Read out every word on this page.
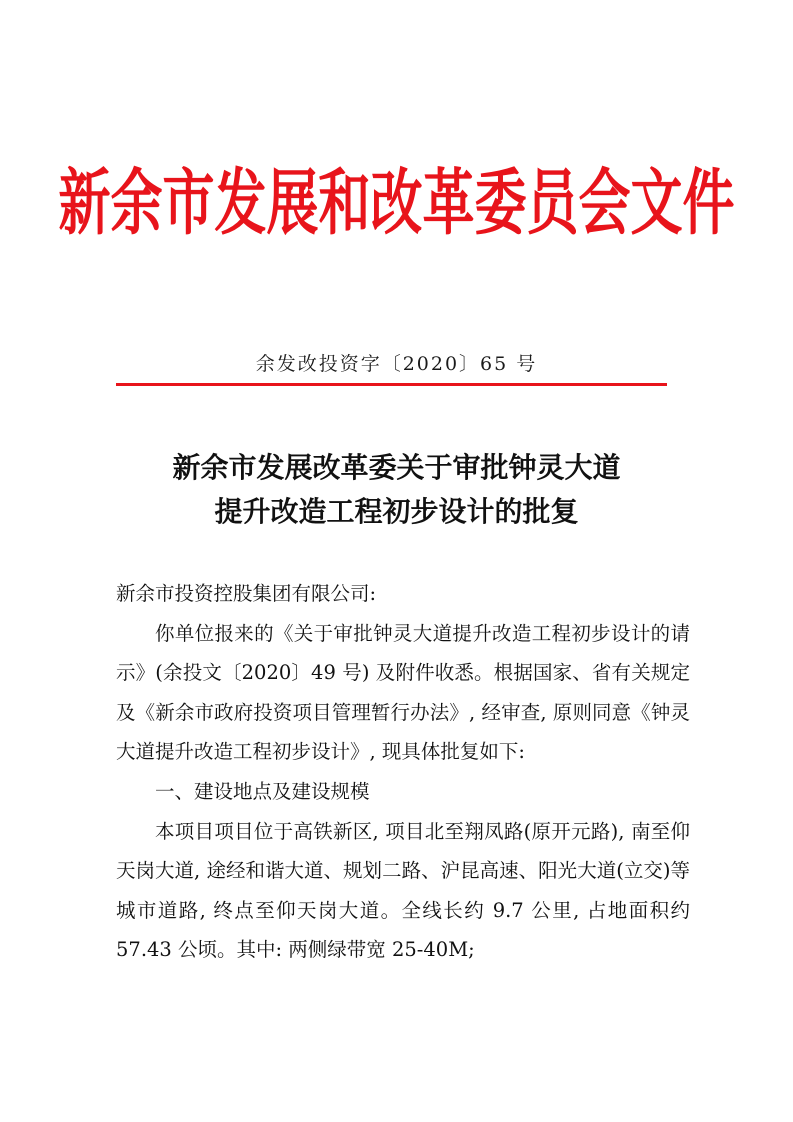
新余市发展和改革委员会文件
余发改投资字〔2020〕65 号
新余市发展改革委关于审批钟灵大道
提升改造工程初步设计的批复

新余市投资控股集团有限公司:

你单位报来的《关于审批钟灵大道提升改造工程初步设计的请示》(余投文〔2020〕49 号) 及附件收悉。根据国家、省有关规定及《新余市政府投资项目管理暂行办法》, 经审查, 原则同意《钟灵大道提升改造工程初步设计》, 现具体批复如下:

一、建设地点及建设规模

本项目项目位于高铁新区, 项目北至翔凤路(原开元路), 南至仰天岗大道, 途经和谐大道、规划二路、沪昆高速、阳光大道(立交)等城市道路, 终点至仰天岗大道。全线长约 9.7 公里, 占地面积约 57.43 公顷。其中: 两侧绿带宽 25-40M;
